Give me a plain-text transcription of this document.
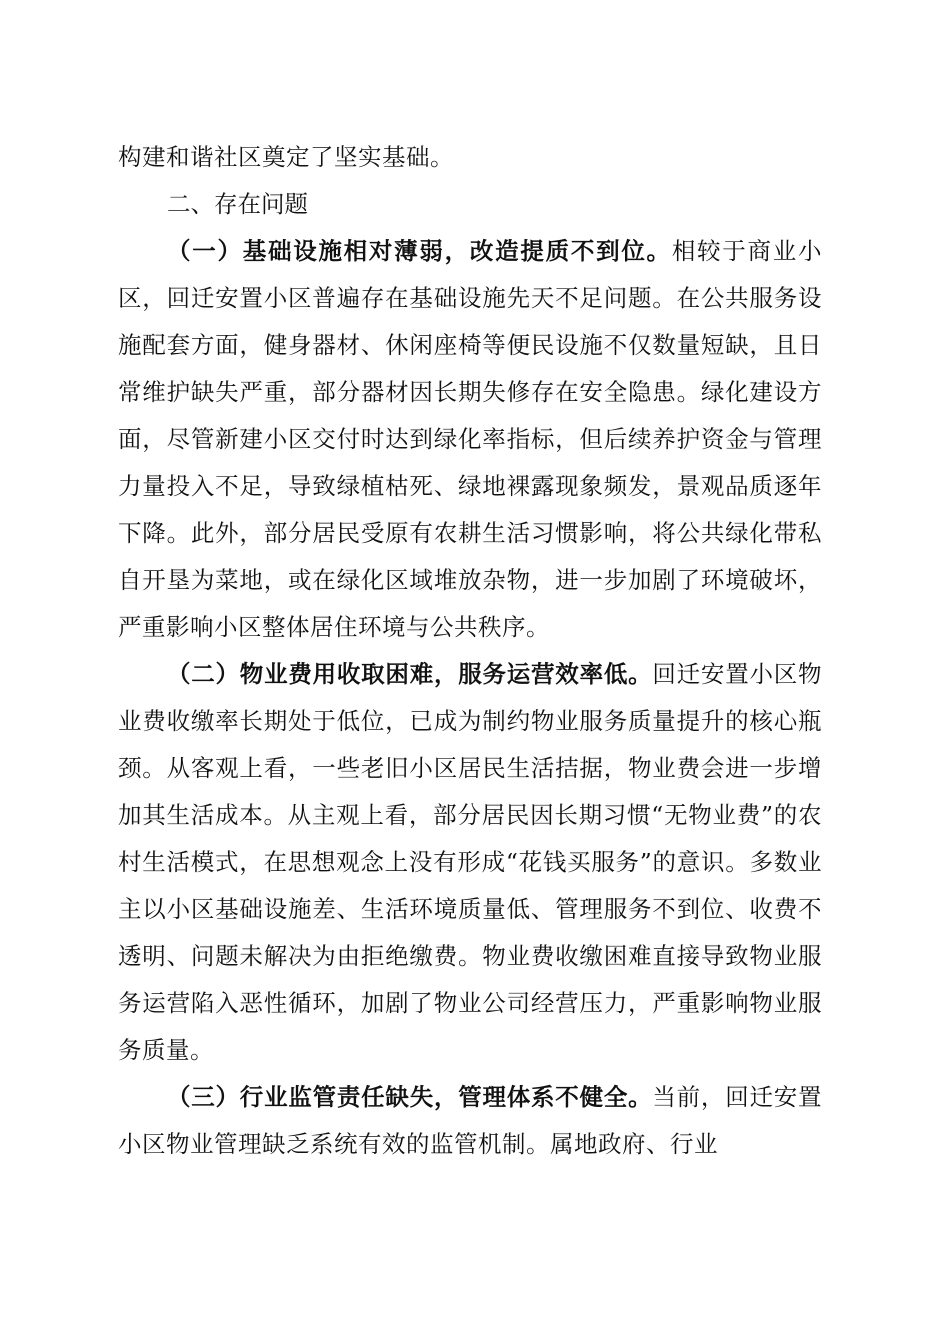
构建和谐社区奠定了坚实基础。

二、存在问题

（一）基础设施相对薄弱，改造提质不到位。相较于商业小区，回迁安置小区普遍存在基础设施先天不足问题。在公共服务设施配套方面，健身器材、休闲座椅等便民设施不仅数量短缺，且日常维护缺失严重，部分器材因长期失修存在安全隐患。绿化建设方面，尽管新建小区交付时达到绿化率指标，但后续养护资金与管理力量投入不足，导致绿植枯死、绿地裸露现象频发，景观品质逐年下降。此外，部分居民受原有农耕生活习惯影响，将公共绿化带私自开垦为菜地，或在绿化区域堆放杂物，进一步加剧了环境破坏，严重影响小区整体居住环境与公共秩序。

（二）物业费用收取困难，服务运营效率低。回迁安置小区物业费收缴率长期处于低位，已成为制约物业服务质量提升的核心瓶颈。从客观上看，一些老旧小区居民生活拮据，物业费会进一步增加其生活成本。从主观上看，部分居民因长期习惯“无物业费”的农村生活模式，在思想观念上没有形成“花钱买服务”的意识。多数业主以小区基础设施差、生活环境质量低、管理服务不到位、收费不透明、问题未解决为由拒绝缴费。物业费收缴困难直接导致物业服务运营陷入恶性循环，加剧了物业公司经营压力，严重影响物业服务质量。

（三）行业监管责任缺失，管理体系不健全。当前，回迁安置小区物业管理缺乏系统有效的监管机制。属地政府、行业
